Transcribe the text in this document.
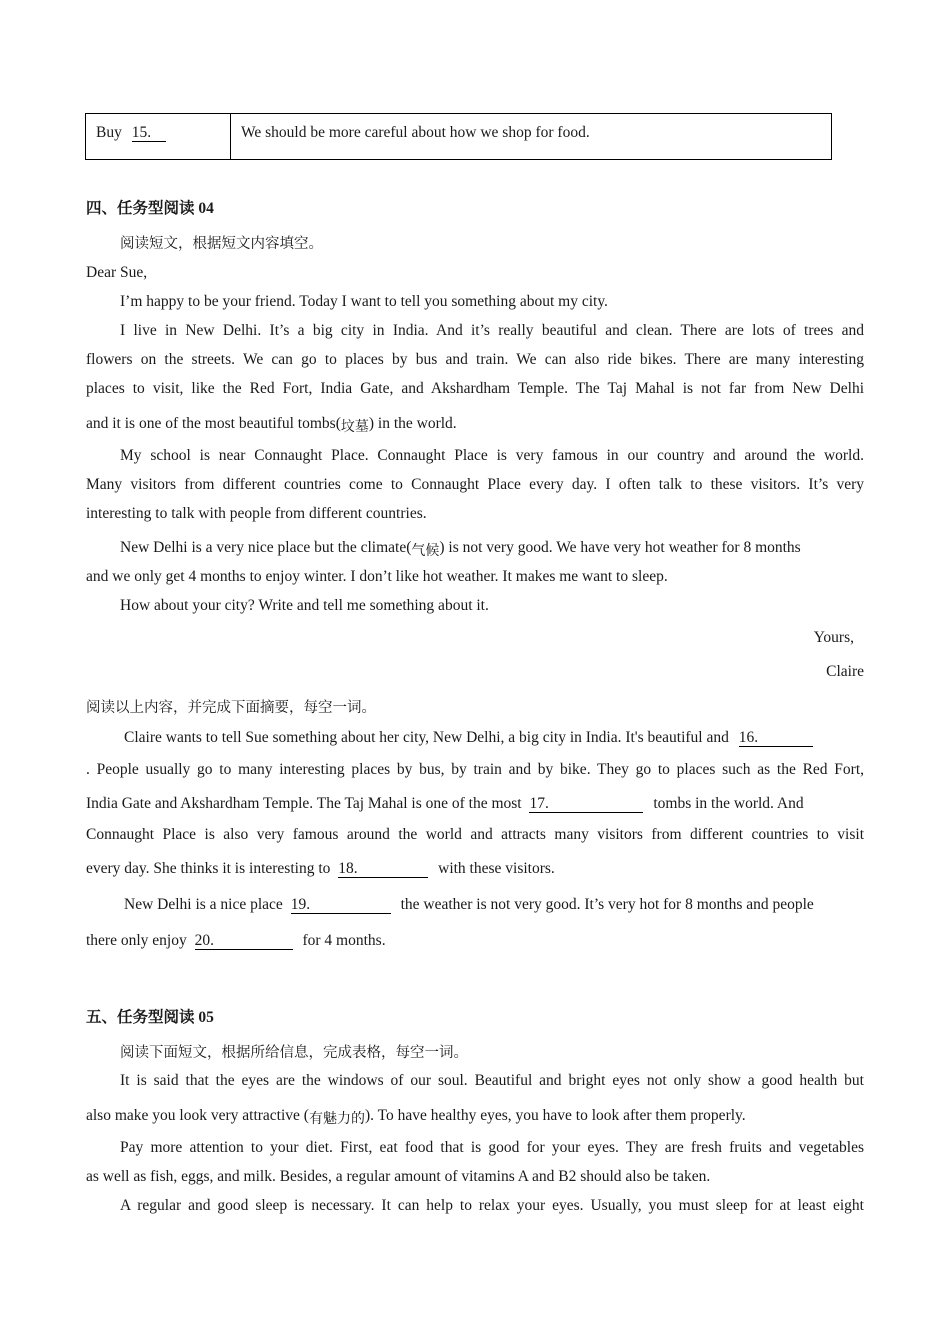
Buy 15.	We should be more careful about how we shop for food.
四、任务型阅读 04
阅读短文，根据短文内容填空。
Dear Sue,
I’m happy to be your friend. Today I want to tell you something about my city.
I live in New Delhi. It’s a big city in India. And it’s really beautiful and clean. There are lots of trees and
flowers on the streets. We can go to places by bus and train. We can also ride bikes. There are many interesting
places to visit, like the Red Fort, India Gate, and Akshardham Temple. The Taj Mahal is not far from New Delhi
and it is one of the most beautiful tombs(坟墓) in the world.
My school is near Connaught Place. Connaught Place is very famous in our country and around the world.
Many visitors from different countries come to Connaught Place every day. I often talk to these visitors. It’s very
interesting to talk with people from different countries.
New Delhi is a very nice place but the climate(气候) is not very good. We have very hot weather for 8 months
and we only get 4 months to enjoy winter. I don’t like hot weather. It makes me want to sleep.
How about your city? Write and tell me something about it.
Yours,
Claire
阅读以上内容，并完成下面摘要，每空一词。
Claire wants to tell Sue something about her city, New Delhi, a big city in India. It's beautiful and 16.
. People usually go to many interesting places by bus, by train and by bike. They go to places such as the Red Fort,
India Gate and Akshardham Temple. The Taj Mahal is one of the most 17.	tombs in the world. And
Connaught Place is also very famous around the world and attracts many visitors from different countries to visit
every day. She thinks it is interesting to 18.	with these visitors.
New Delhi is a nice place 19.	the weather is not very good. It’s very hot for 8 months and people
there only enjoy 20.	for 4 months.
五、任务型阅读 05
阅读下面短文，根据所给信息，完成表格，每空一词。
It is said that the eyes are the windows of our soul. Beautiful and bright eyes not only show a good health but
also make you look very attractive (有魅力的). To have healthy eyes, you have to look after them properly.
Pay more attention to your diet. First, eat food that is good for your eyes. They are fresh fruits and vegetables
as well as fish, eggs, and milk. Besides, a regular amount of vitamins A and B2 should also be taken.
A regular and good sleep is necessary. It can help to relax your eyes. Usually, you must sleep for at least eight
